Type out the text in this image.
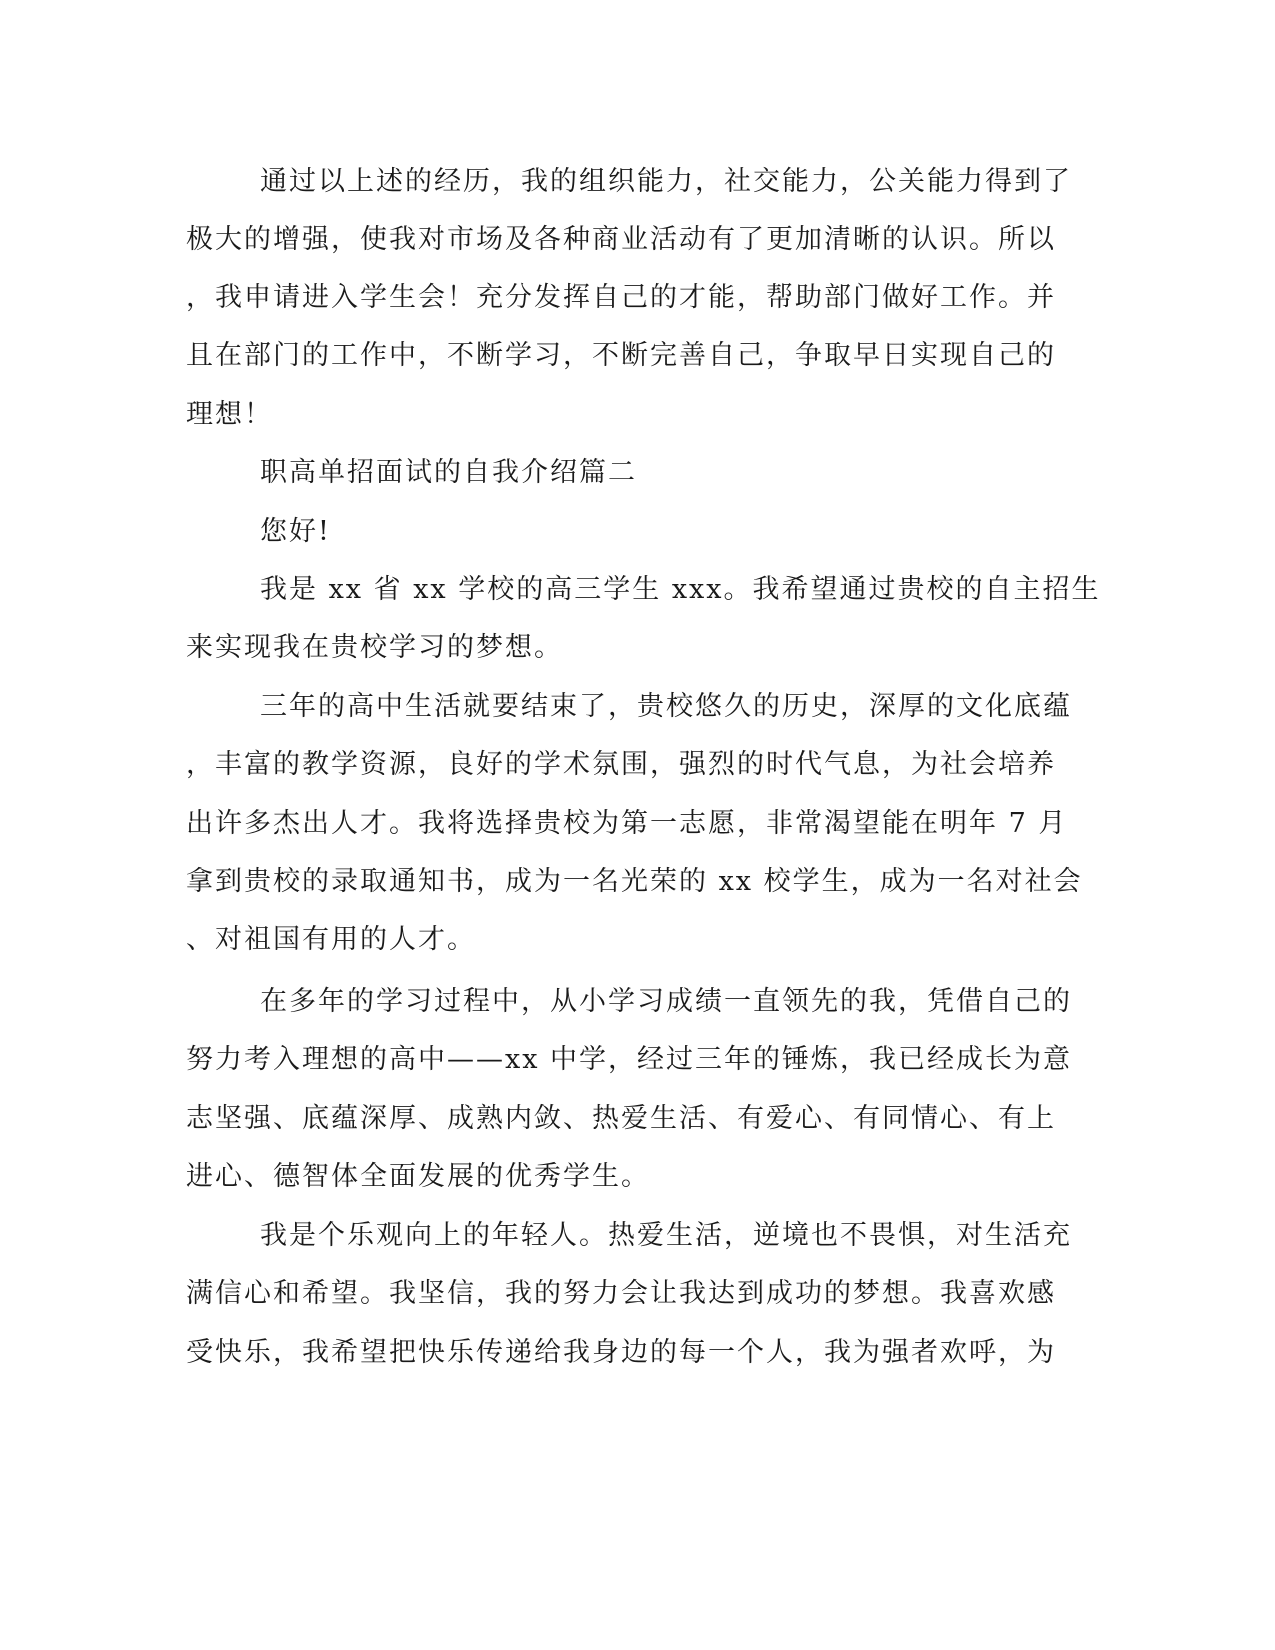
通过以上述的经历，我的组织能力，社交能力，公关能力得到了
极大的增强，使我对市场及各种商业活动有了更加清晰的认识。所以
，我申请进入学生会！充分发挥自己的才能，帮助部门做好工作。并
且在部门的工作中，不断学习，不断完善自己，争取早日实现自己的
理想！
职高单招面试的自我介绍篇二
您好!
我是 xx 省 xx 学校的高三学生 xxx。我希望通过贵校的自主招生
来实现我在贵校学习的梦想。
三年的高中生活就要结束了，贵校悠久的历史，深厚的文化底蕴
，丰富的教学资源，良好的学术氛围，强烈的时代气息，为社会培养
出许多杰出人才。我将选择贵校为第一志愿，非常渴望能在明年 7 月
拿到贵校的录取通知书，成为一名光荣的 xx 校学生，成为一名对社会
、对祖国有用的人才。
在多年的学习过程中，从小学习成绩一直领先的我，凭借自己的
努力考入理想的高中——xx 中学，经过三年的锤炼，我已经成长为意
志坚强、底蕴深厚、成熟内敛、热爱生活、有爱心、有同情心、有上
进心、德智体全面发展的优秀学生。
我是个乐观向上的年轻人。热爱生活，逆境也不畏惧，对生活充
满信心和希望。我坚信，我的努力会让我达到成功的梦想。我喜欢感
受快乐，我希望把快乐传递给我身边的每一个人，我为强者欢呼，为
